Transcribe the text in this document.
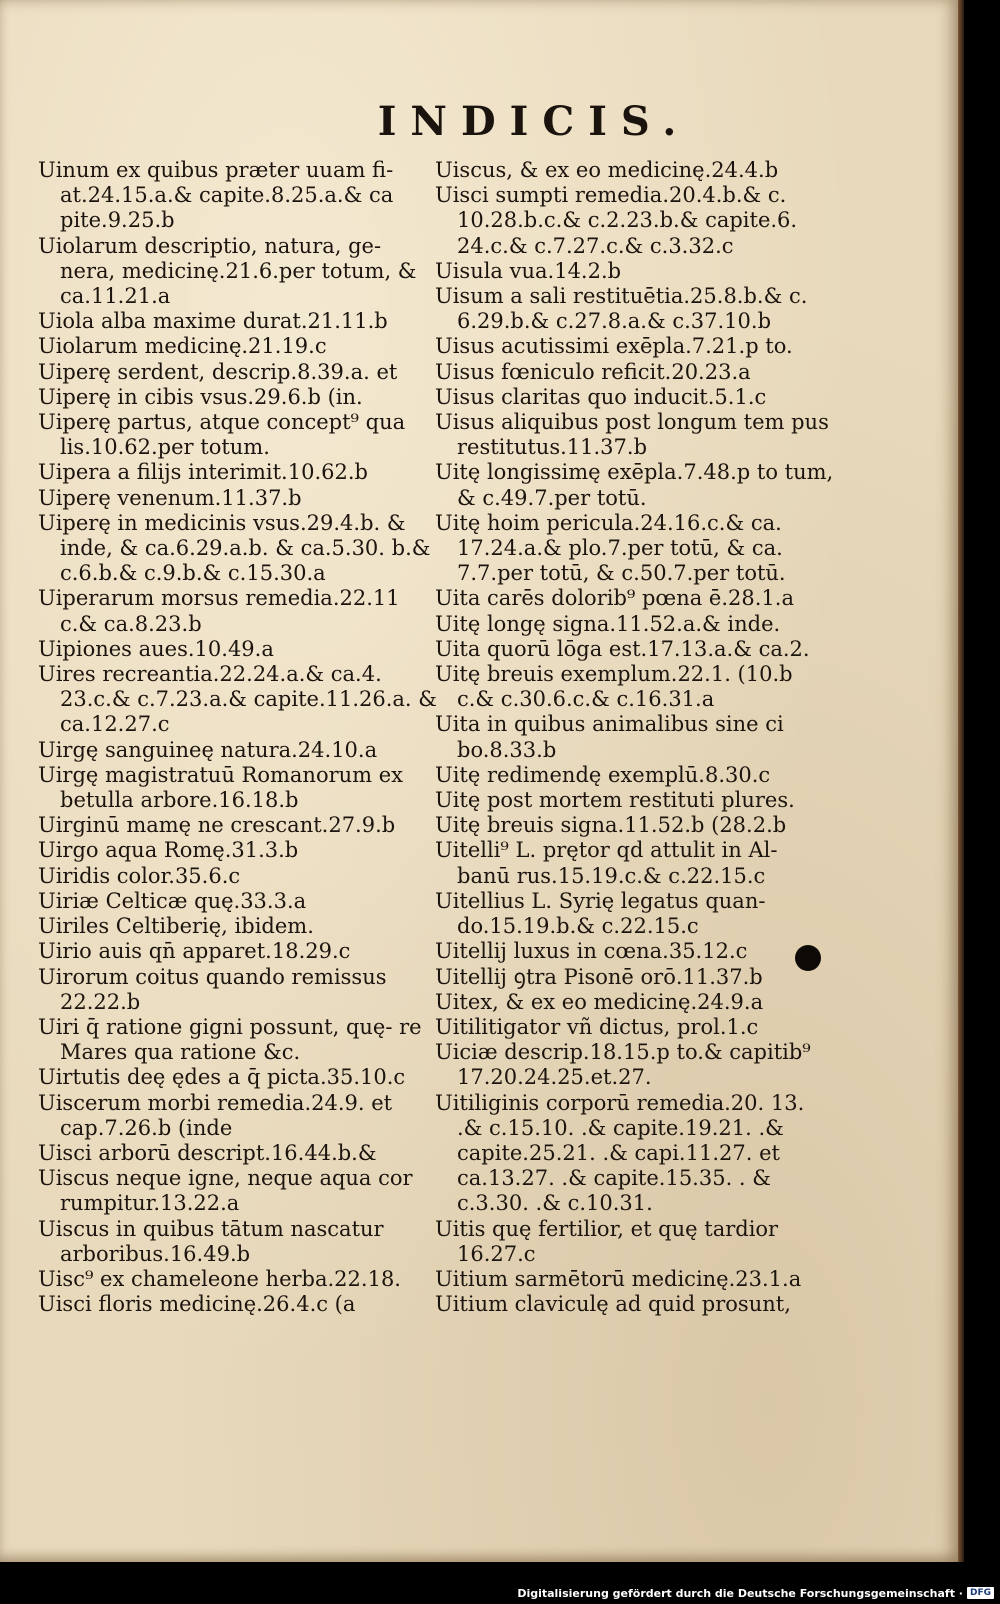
INDICIS.

Uinum ex quibus præter uuam fi- at.24.15.a.& capite.8.25.a.& ca pite.9.25.b

Uiolarum descriptio, natura, ge- nera, medicinę.21.6.per totum, & ca.11.21.a

Uiola alba maxime durat.21.11.b

Uiolarum medicinę.21.19.c

Uiperę serdent, descrip.8.39.a. et

Uiperę in cibis vsus.29.6.b (in.

Uiperę partus, atque concept⁹ qua lis.10.62.per totum.

Uipera a filijs interimit.10.62.b

Uiperę venenum.11.37.b

Uiperę in medicinis vsus.29.4.b. & inde, & ca.6.29.a.b. & ca.5.30. b.& c.6.b.& c.9.b.& c.15.30.a

Uiperarum morsus remedia.22.11 c.& ca.8.23.b

Uipiones aues.10.49.a

Uires recreantia.22.24.a.& ca.4. 23.c.& c.7.23.a.& capite.11.26.a. & ca.12.27.c

Uirgę sanguineę natura.24.10.a

Uirgę magistratuū Romanorum ex betulla arbore.16.18.b

Uirginū mamę ne crescant.27.9.b

Uirgo aqua Romę.31.3.b

Uiridis color.35.6.c

Uiriæ Celticæ quę.33.3.a

Uiriles Celtiberię, ibidem.

Uirio auis qn̄ apparet.18.29.c

Uirorum coitus quando remissus 22.22.b

Uiri q̄ ratione gigni possunt, quę- re Mares qua ratione &c.

Uirtutis deę ędes a q̄ picta.35.10.c

Uiscerum morbi remedia.24.9. et cap.7.26.b (inde

Uisci arborū descript.16.44.b.&

Uiscus neque igne, neque aqua cor rumpitur.13.22.a

Uiscus in quibus tātum nascatur arboribus.16.49.b

Uisc⁹ ex chameleone herba.22.18.

Uisci floris medicinę.26.4.c (a

Uiscus, & ex eo medicinę.24.4.b

Uisci sumpti remedia.20.4.b.& c. 10.28.b.c.& c.2.23.b.& capite.6. 24.c.& c.7.27.c.& c.3.32.c

Uisula vua.14.2.b

Uisum a sali restituētia.25.8.b.& c. 6.29.b.& c.27.8.a.& c.37.10.b

Uisus acutissimi exēpla.7.21.p to.

Uisus fœniculo reficit.20.23.a

Uisus claritas quo inducit.5.1.c

Uisus aliquibus post longum tem pus restitutus.11.37.b

Uitę longissimę exēpla.7.48.p to tum, & c.49.7.per totū.

Uitę hoim pericula.24.16.c.& ca. 17.24.a.& plo.7.per totū, & ca. 7.7.per totū, & c.50.7.per totū.

Uita carēs dolorib⁹ pœna ē.28.1.a

Uitę longę signa.11.52.a.& inde.

Uita quorū lōga est.17.13.a.& ca.2.

Uitę breuis exemplum.22.1. (10.b c.& c.30.6.c.& c.16.31.a

Uita in quibus animalibus sine ci bo.8.33.b

Uitę redimendę exemplū.8.30.c

Uitę post mortem restituti plures.

Uitę breuis signa.11.52.b (28.2.b

Uitelli⁹ L. prętor qd attulit in Al- banū rus.15.19.c.& c.22.15.c

Uitellius L. Syrię legatus quan- do.15.19.b.& c.22.15.c

Uitellij luxus in cœna.35.12.c

Uitellij ꝯtra Pisonē orō.11.37.b

Uitex, & ex eo medicinę.24.9.a

Uitilitigator vñ dictus, prol.1.c

Uiciæ descrip.18.15.p to.& capitib⁹ 17.20.24.25.et.27.

Uitiliginis corporū remedia.20. 13. .& c.15.10. .& capite.19.21. .& capite.25.21. .& capi.11.27. et ca.13.27. .& capite.15.35. . & c.3.30. .& c.10.31.

Uitis quę fertilior, et quę tardior 16.27.c

Uitium sarmētorū medicinę.23.1.a

Uitium claviculę ad quid prosunt,

Digitalisierung gefördert durch die Deutsche Forschungsgemeinschaft · DFG
